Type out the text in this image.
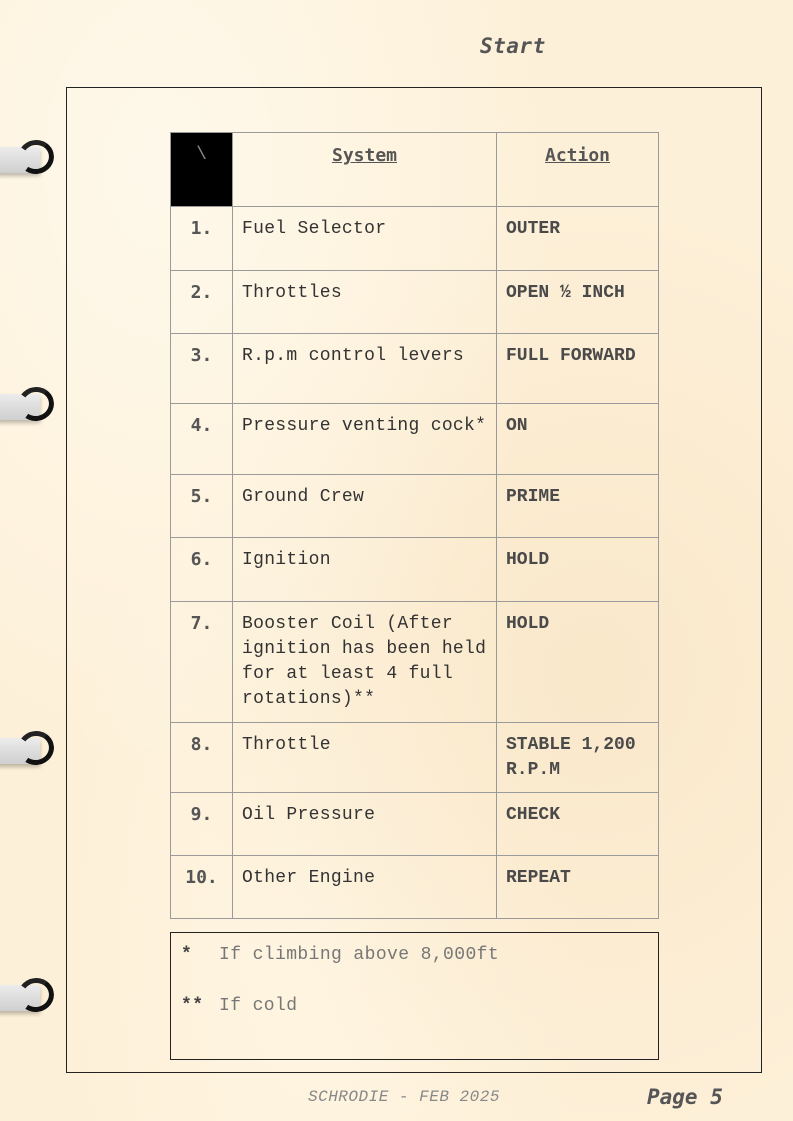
Start
\	System	Action
1.	Fuel Selector	OUTER
2.	Throttles	OPEN ½ INCH
3.	R.p.m control levers	FULL FORWARD
4.	Pressure venting cock*	ON
5.	Ground Crew	PRIME
6.	Ignition	HOLD
7.	Booster Coil (After ignition has been held for at least 4 full rotations)**	HOLD
8.	Throttle	STABLE 1,200 R.P.M
9.	Oil Pressure	CHECK
10.	Other Engine	REPEAT
* If climbing above 8,000ft
** If cold
SCHRODIE - FEB 2025	Page 5
